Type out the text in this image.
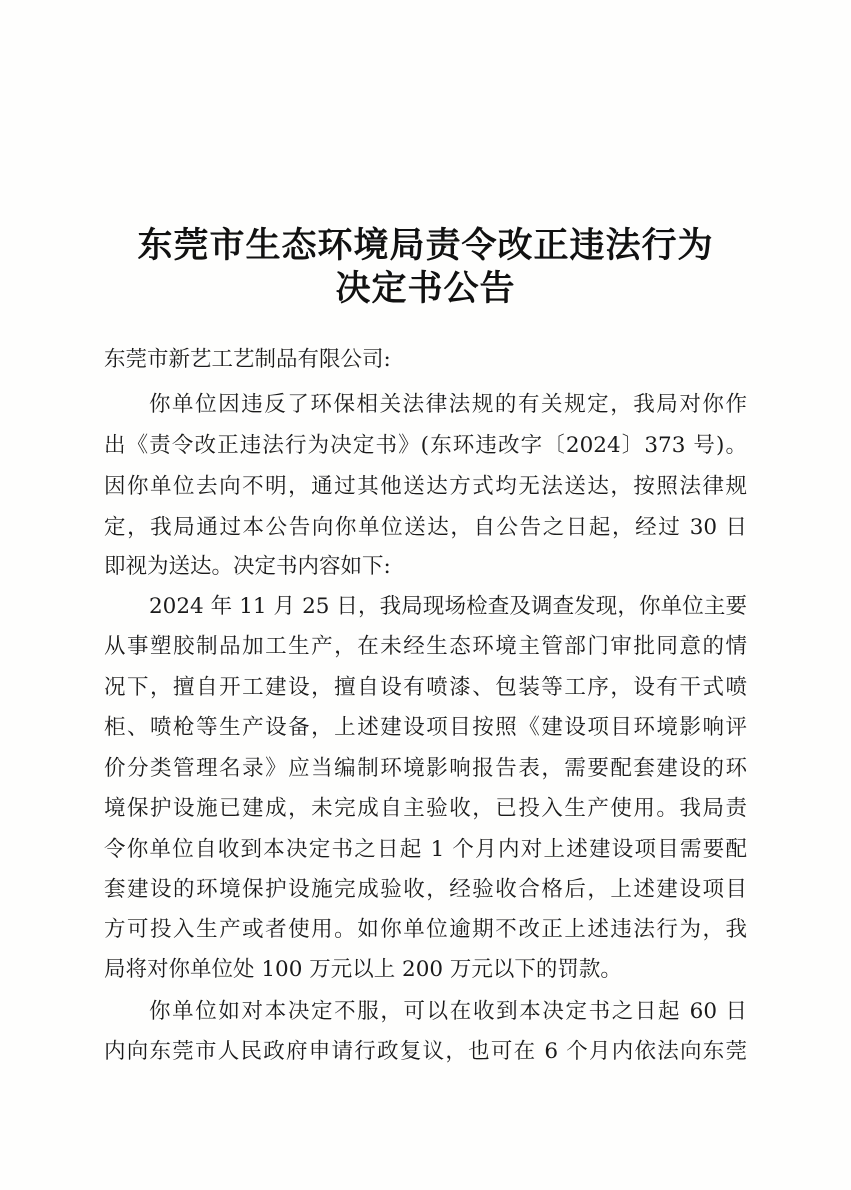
东莞市生态环境局责令改正违法行为
决定书公告
东莞市新艺工艺制品有限公司:
你单位因违反了环保相关法律法规的有关规定，我局对你作
出《责令改正违法行为决定书》(东环违改字〔2024〕373 号)。
因你单位去向不明，通过其他送达方式均无法送达，按照法律规
定，我局通过本公告向你单位送达，自公告之日起，经过 30 日
即视为送达。决定书内容如下:
2024 年 11 月 25 日，我局现场检查及调查发现，你单位主要
从事塑胶制品加工生产，在未经生态环境主管部门审批同意的情
况下，擅自开工建设，擅自设有喷漆、包装等工序，设有干式喷
柜、喷枪等生产设备，上述建设项目按照《建设项目环境影响评
价分类管理名录》应当编制环境影响报告表，需要配套建设的环
境保护设施已建成，未完成自主验收，已投入生产使用。我局责
令你单位自收到本决定书之日起 1 个月内对上述建设项目需要配
套建设的环境保护设施完成验收，经验收合格后，上述建设项目
方可投入生产或者使用。如你单位逾期不改正上述违法行为，我
局将对你单位处 100 万元以上 200 万元以下的罚款。
你单位如对本决定不服，可以在收到本决定书之日起 60 日
内向东莞市人民政府申请行政复议，也可在 6 个月内依法向东莞
